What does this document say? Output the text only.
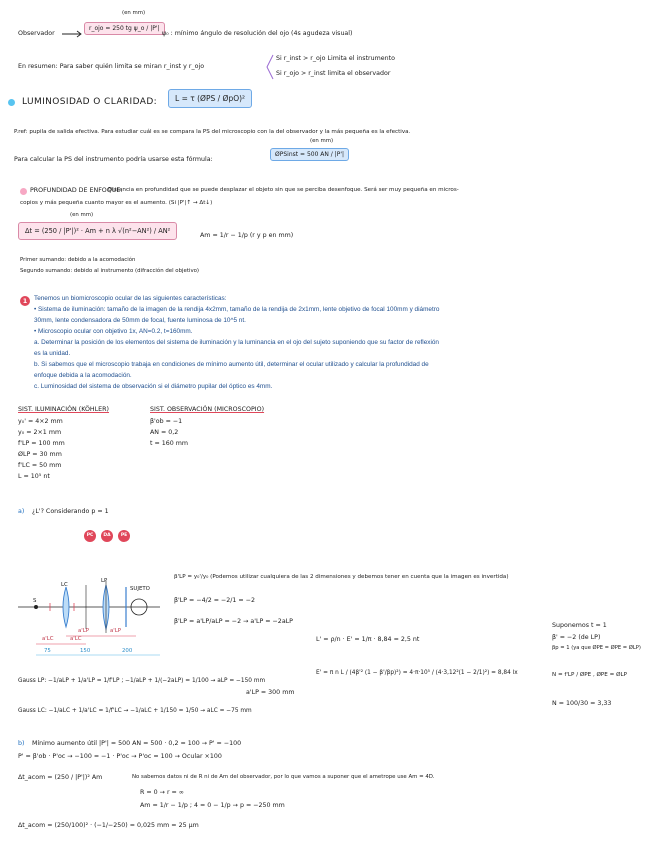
Observador
(en mm)
r_ojo = 250 tg ψ_o / |P'|
ψ₀ : mínimo ángulo de resolución del ojo (4s agudeza visual)
En resumen: Para saber quién limita se miran r_inst y r_ojo
Si r_inst > r_ojo Limita el instrumento
Si r_ojo > r_inst limita el observador
LUMINOSIDAD O CLARIDAD:	L = τ (ØPS / ØpO)²
P.ref: pupila de salida efectiva. Para estudiar cuál es se compara la PS del microscopio con la del observador y la más pequeña es la efectiva.
Para calcular la PS del instrumento podría usarse esta fórmula:
(en mm)
ØPSinst = 500 AN / |P'|
PROFUNDIDAD DE ENFOQUE:
Distancia en profundidad que se puede desplazar el objeto sin que se perciba desenfoque. Será ser muy pequeña en micros-
copios y más pequeña cuanto mayor es el aumento. (Si |P'|↑ → Δt↓)
(en mm)
Δt = (250 / |P'|)² · Am + n λ √(n²−AN²) / AN²
Am = 1/r − 1/p (r y p en mm)
Primer sumando: debido a la acomodación
Segundo sumando: debido al instrumento (difracción del objetivo)
1	Tenemos un biomicroscopio ocular de las siguientes características:
• Sistema de iluminación: tamaño de la imagen de la rendija 4x2mm, tamaño de la rendija de 2x1mm, lente objetivo de focal 100mm y diámetro
30mm, lente condensadora de 50mm de focal, fuente luminosa de 10^5 nt.
• Microscopio ocular con objetivo 1x, AN=0.2, t=160mm.
a. Determinar la posición de los elementos del sistema de iluminación y la luminancia en el ojo del sujeto suponiendo que su factor de reflexión
es la unidad.
b. Si sabemos que el microscopio trabaja en condiciones de mínimo aumento útil, determinar el ocular utilizado y calcular la profundidad de
enfoque debida a la acomodación.
c. Luminosidad del sistema de observación si el diámetro pupilar del óptico es 4mm.
SIST. ILUMINACIÓN (KÖHLER)
y₀' = 4×2 mm
y₀ = 2×1 mm
f'LP = 100 mm
ØLP = 30 mm
f'LC = 50 mm
L = 10⁵ nt
SIST. OBSERVACIÓN (MICROSCOPIO)
β'ob = −1
AN = 0,2
t = 160 mm
a) ¿L'? Considerando p = 1
PC	DA	PE
S
LC
LP
SUJETO
a'LP	a'LP
a'LC	a'LC
75	150	200
β'LP = y₀'/y₀ (Podemos utilizar cualquiera de las 2 dimensiones y debemos tener en cuenta que la imagen es invertida)
β'LP = −4/2 = −2/1 = −2
β'LP = a'LP/aLP = −2 → a'LP = −2aLP
L' = ρ/n · E' = 1/π · 8,84 = 2,5 nt
E' = π n L / (4β'² (1 − β'/βp)²) = 4·π·10⁵ / (4·3,12²(1 − 2/1)²) = 8,84 lx
Gauss LP: −1/aLP + 1/a'LP = 1/f'LP ; −1/aLP + 1/(−2aLP) = 1/100 → aLP = −150 mm
a'LP = 300 mm
Gauss LC: −1/aLC + 1/a'LC = 1/f'LC → −1/aLC + 1/150 = 1/50 → aLC = −75 mm
Suponemos t = 1
β' = −2 (de LP)
βp = 1 (ya que ØPE = ØPE = ØLP)
N = f'LP / ØPE , ØPE = ØLP
N = 100/30 = 3,33
b) Mínimo aumento útil |P'| = 500 AN = 500 · 0,2 = 100 → P' = −100
P' = β'ob · P'oc → −100 = −1 · P'oc → P'oc = 100 → Ocular ×100
Δt_acom = (250 / |P'|)² Am	No sabemos datos ni de R ni de Am del observador, por lo que vamos a suponer que el ametrope use Am = 4D.
R = 0 → r = ∞
Am = 1/r − 1/p ; 4 = 0 − 1/p → p = −250 mm
Δt_acom = (250/100)² · (−1/−250) = 0,025 mm = 25 μm
